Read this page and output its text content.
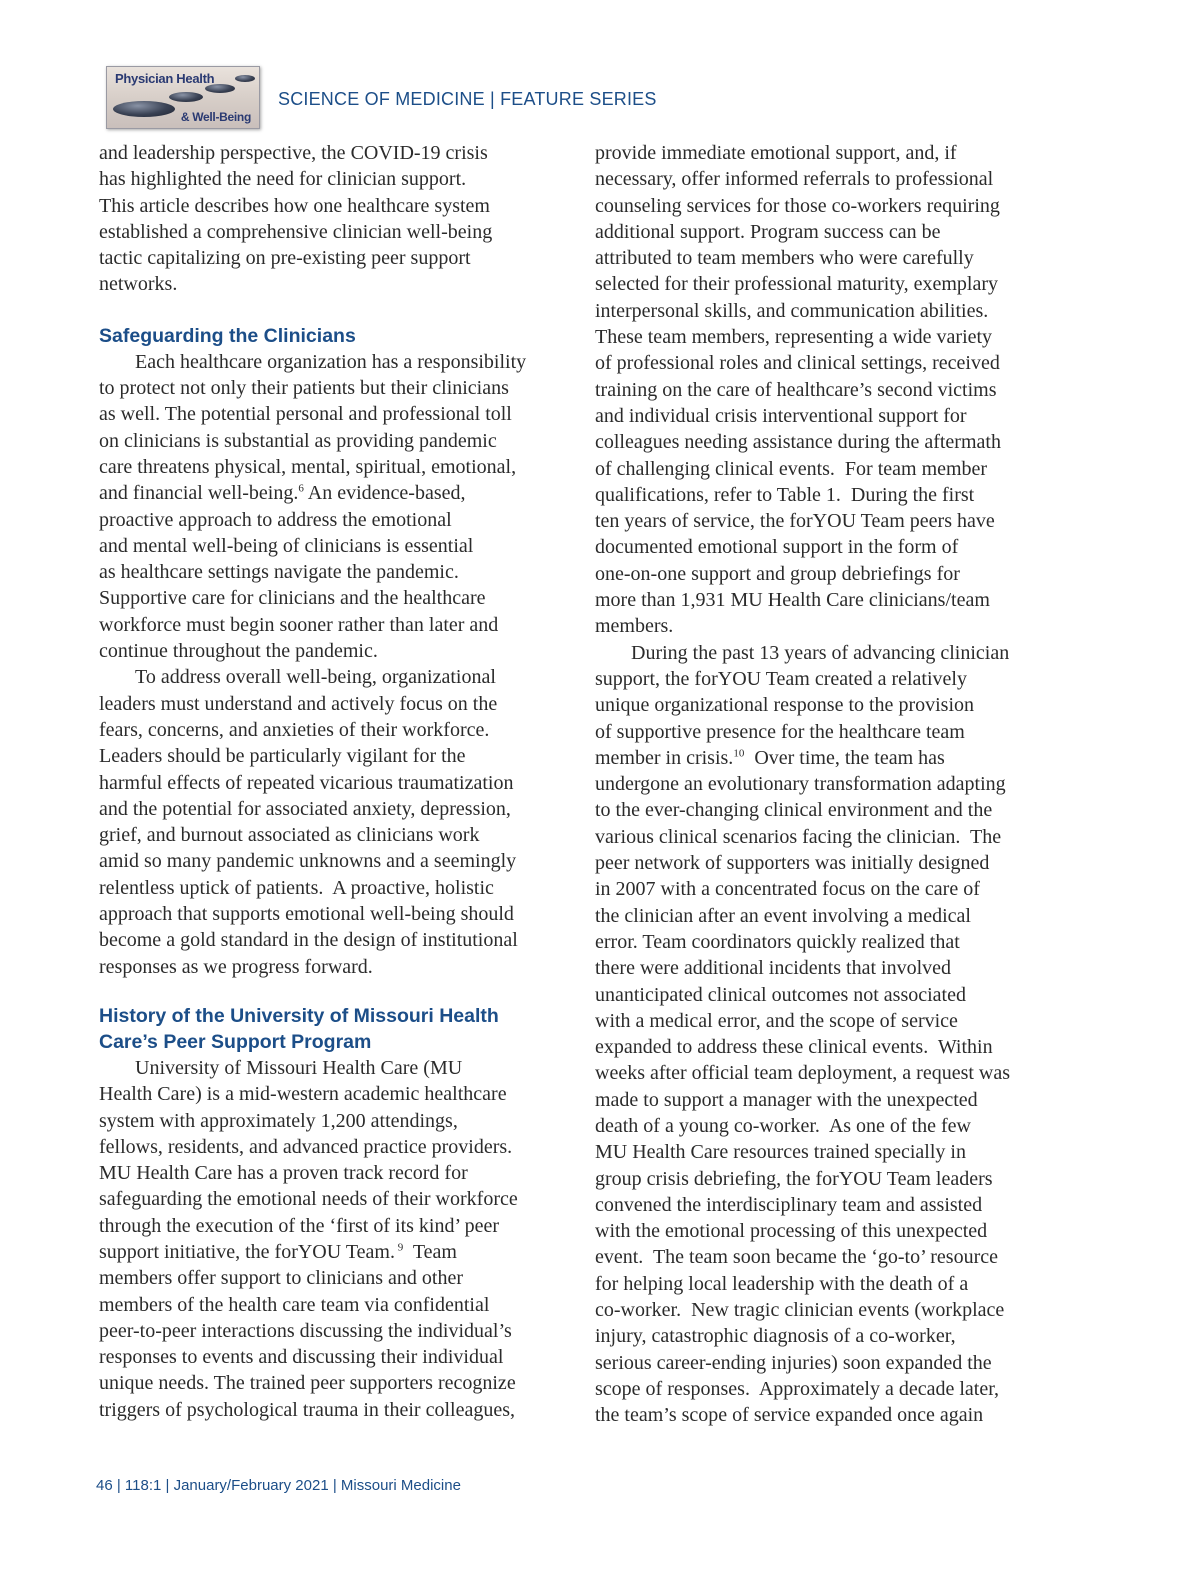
Physician Health
& Well-Being
SCIENCE OF MEDICINE | FEATURE SERIES

and leadership perspective, the COVID-19 crisis

has highlighted the need for clinician support.

This article describes how one healthcare system

established a comprehensive clinician well-being

tactic capitalizing on pre-existing peer support

networks.

Safeguarding the Clinicians

Each healthcare organization has a responsibility

to protect not only their patients but their clinicians

as well. The potential personal and professional toll

on clinicians is substantial as providing pandemic

care threatens physical, mental, spiritual, emotional,

and financial well-being.$^6$ An evidence-based,

proactive approach to address the emotional

and mental well-being of clinicians is essential

as healthcare settings navigate the pandemic.

Supportive care for clinicians and the healthcare

workforce must begin sooner rather than later and

continue throughout the pandemic.

To address overall well-being, organizational

leaders must understand and actively focus on the

fears, concerns, and anxieties of their workforce.

Leaders should be particularly vigilant for the

harmful effects of repeated vicarious traumatization

and the potential for associated anxiety, depression,

grief, and burnout associated as clinicians work

amid so many pandemic unknowns and a seemingly

relentless uptick of patients.  A proactive, holistic

approach that supports emotional well-being should

become a gold standard in the design of institutional

responses as we progress forward.

History of the University of Missouri Health
Care’s Peer Support Program

University of Missouri Health Care (MU

Health Care) is a mid-western academic healthcare

system with approximately 1,200 attendings,

fellows, residents, and advanced practice providers.

MU Health Care has a proven track record for

safeguarding the emotional needs of their workforce

through the execution of the ‘first of its kind’ peer

support initiative, the forYOU Team. $^9$  Team

members offer support to clinicians and other

members of the health care team via confidential

peer-to-peer interactions discussing the individual’s

responses to events and discussing their individual

unique needs. The trained peer supporters recognize

triggers of psychological trauma in their colleagues,

provide immediate emotional support, and, if

necessary, offer informed referrals to professional

counseling services for those co-workers requiring

additional support. Program success can be

attributed to team members who were carefully

selected for their professional maturity, exemplary

interpersonal skills, and communication abilities.

These team members, representing a wide variety

of professional roles and clinical settings, received

training on the care of healthcare’s second victims

and individual crisis interventional support for

colleagues needing assistance during the aftermath

of challenging clinical events.  For team member

qualifications, refer to Table 1.  During the first

ten years of service, the forYOU Team peers have

documented emotional support in the form of

one-on-one support and group debriefings for

more than 1,931 MU Health Care clinicians/team

members.

During the past 13 years of advancing clinician

support, the forYOU Team created a relatively

unique organizational response to the provision

of supportive presence for the healthcare team

member in crisis.$^{10}$  Over time, the team has

undergone an evolutionary transformation adapting

to the ever-changing clinical environment and the

various clinical scenarios facing the clinician.  The

peer network of supporters was initially designed

in 2007 with a concentrated focus on the care of

the clinician after an event involving a medical

error. Team coordinators quickly realized that

there were additional incidents that involved

unanticipated clinical outcomes not associated

with a medical error, and the scope of service

expanded to address these clinical events.  Within

weeks after official team deployment, a request was

made to support a manager with the unexpected

death of a young co-worker.  As one of the few

MU Health Care resources trained specially in

group crisis debriefing, the forYOU Team leaders

convened the interdisciplinary team and assisted

with the emotional processing of this unexpected

event.  The team soon became the ‘go-to’ resource

for helping local leadership with the death of a

co-worker.  New tragic clinician events (workplace

injury, catastrophic diagnosis of a co-worker,

serious career-ending injuries) soon expanded the

scope of responses.  Approximately a decade later,

the team’s scope of service expanded once again

46 | 118:1 | January/February 2021 | Missouri Medicine
